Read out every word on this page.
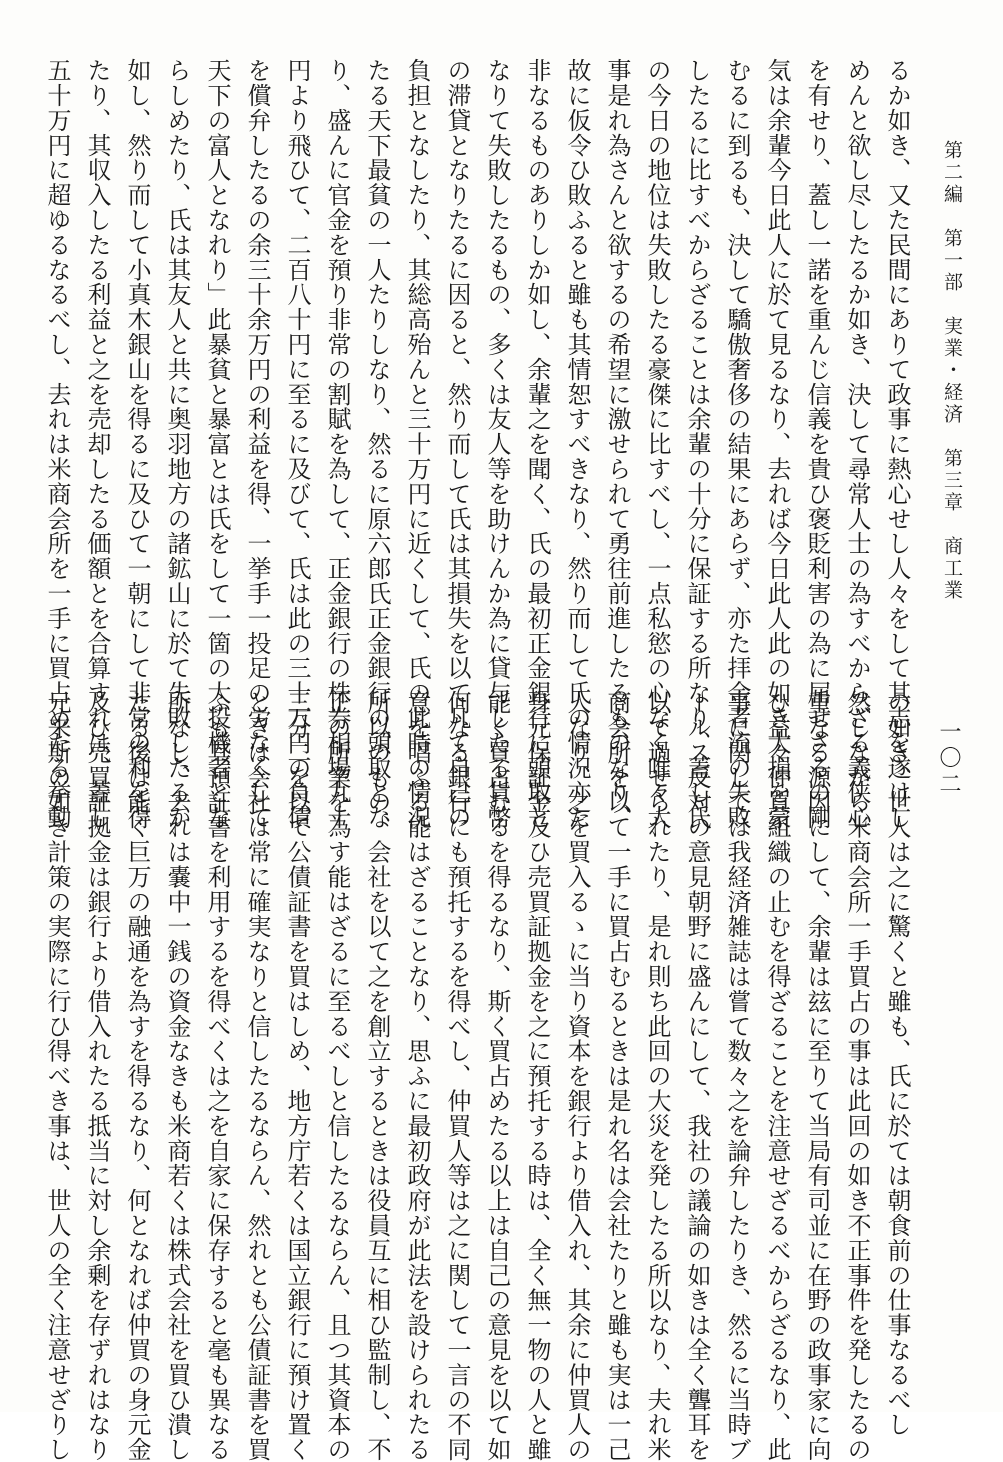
第二編　第一部　実業・経済　第三章　商工業
一〇二
るか如き、又た民間にありて政事に熱心せし人々をして其志を遂けし
めんと欲し尽したるか如き、決して尋常人士の為すべからざる義侠心
を有せり、蓋し一諾を重んじ信義を貴ひ褒貶利害の為に屈せさるの剛
気は余輩今日此人に於て見るなり、去れば今日此人此の如き大損を蒙
むるに到るも、決して驕傲奢侈の結果にあらず、亦た拝金者流の失敗
したるに比すべからざることは余輩の十分に保証する所なり、蓋し氏
の今日の地位は失敗したる豪傑に比すべし、一点私慾の心なく唯々大
事是れ為さんと欲するの希望に激せられて勇往前進したるものなり、
故に仮令ひ敗ふると雖も其情恕すべきなり、然り而して氏の情況亦た
非なるものありしか如し、余輩之を聞く、氏の最初正金銀行に頭取と
なりて失敗したるもの、多くは友人等を助けんか為に貸与したる貨幣
の滞貸となりたるに因ると、然り而して氏は其損失を以て凡て自己の
負担となしたり、其総高殆んと三十万円に近くして、氏の此時の情況
たる天下最貧の一人たりしなり、然るに原六郎氏正金銀行の頭取とな
り、盛んに官金を預り非常の割賦を為して、正金銀行の株券相場九十
円より飛ひて、二百八十円に至るに及びて、氏は此の三十万円の負債
を償弁したるの余三十余万円の利益を得、一挙手一投足の労なくして
天下の富人となれり」此暴貧と暴富とは氏をして一箇の大投機者とな
らしめたり、氏は其友人と共に奥羽地方の諸鉱山に於て失敗したるか
如し、然り而して小真木銀山を得るに及ひて一朝にして非常の利を得
たり、其収入したる利益と之を売却したる価額とを合算すれは、蓋し
五十万円に超ゆるなるべし、去れは米商会所を一手に買占めたる挙動
の如き、世人は之に驚くと雖も、氏に於ては朝食前の仕事なるべし
然しながら米商会所一手買占の事は此回の如き不正事件を発したるの
重なる源因にして、余輩は玆に至りて当局有司並に在野の政事家に向
ひ益々仲買組織の止むを得ざることを注意せざるべからざるなり、此
事に関しては我経済雑誌は嘗て数々之を論弁したりき、然るに当時ブ
ールス反対の意見朝野に盛んにして、我社の議論の如きは全く聾耳を
以て過せられたり、是れ則ち此回の大災を発したる所以なり、夫れ米
商会所を以て一手に買占むるときは是れ名は会社たりと雖も実は一己
人なり、之を買入るゝに当り資本を銀行より借入れ、其余に仲買人の
身元保証金及ひ売買証拠金を之に預托する時は、全く無一物の人と雖
能く買占むるを得るなり、斯く買占めたる以上は自己の意見を以て如
何なる銀行にも預托するを得べし、仲買人等は之に関して一言の不同
意を唱ふる能はざることなり、思ふに最初政府が此法を設けられたる
所以のもの、会社を以て之を創立するときは役員互に相ひ監制し、不
正の所業を為す能はざるに至るべしと信したるならん、且つ其資本の
三分二を以て公債証書を買はしめ、地方庁若くは国立銀行に預け置く
ときは会社は常に確実なりと信したるならん、然れとも公債証書を買
ふも其預証書を利用するを得べくは之を自家に保存すると毫も異なる
所なし、去れは嚢中一銭の資金なきも米商若くは株式会社を買ひ潰し
たる後は能く巨万の融通を為すを得るなり、何となれば仲買の身元金
及ひ売買証拠金は銀行より借入れたる抵当に対し余剰を存ずれはなり
元来斯の如き計策の実際に行ひ得べき事は、世人の全く注意せざりし
